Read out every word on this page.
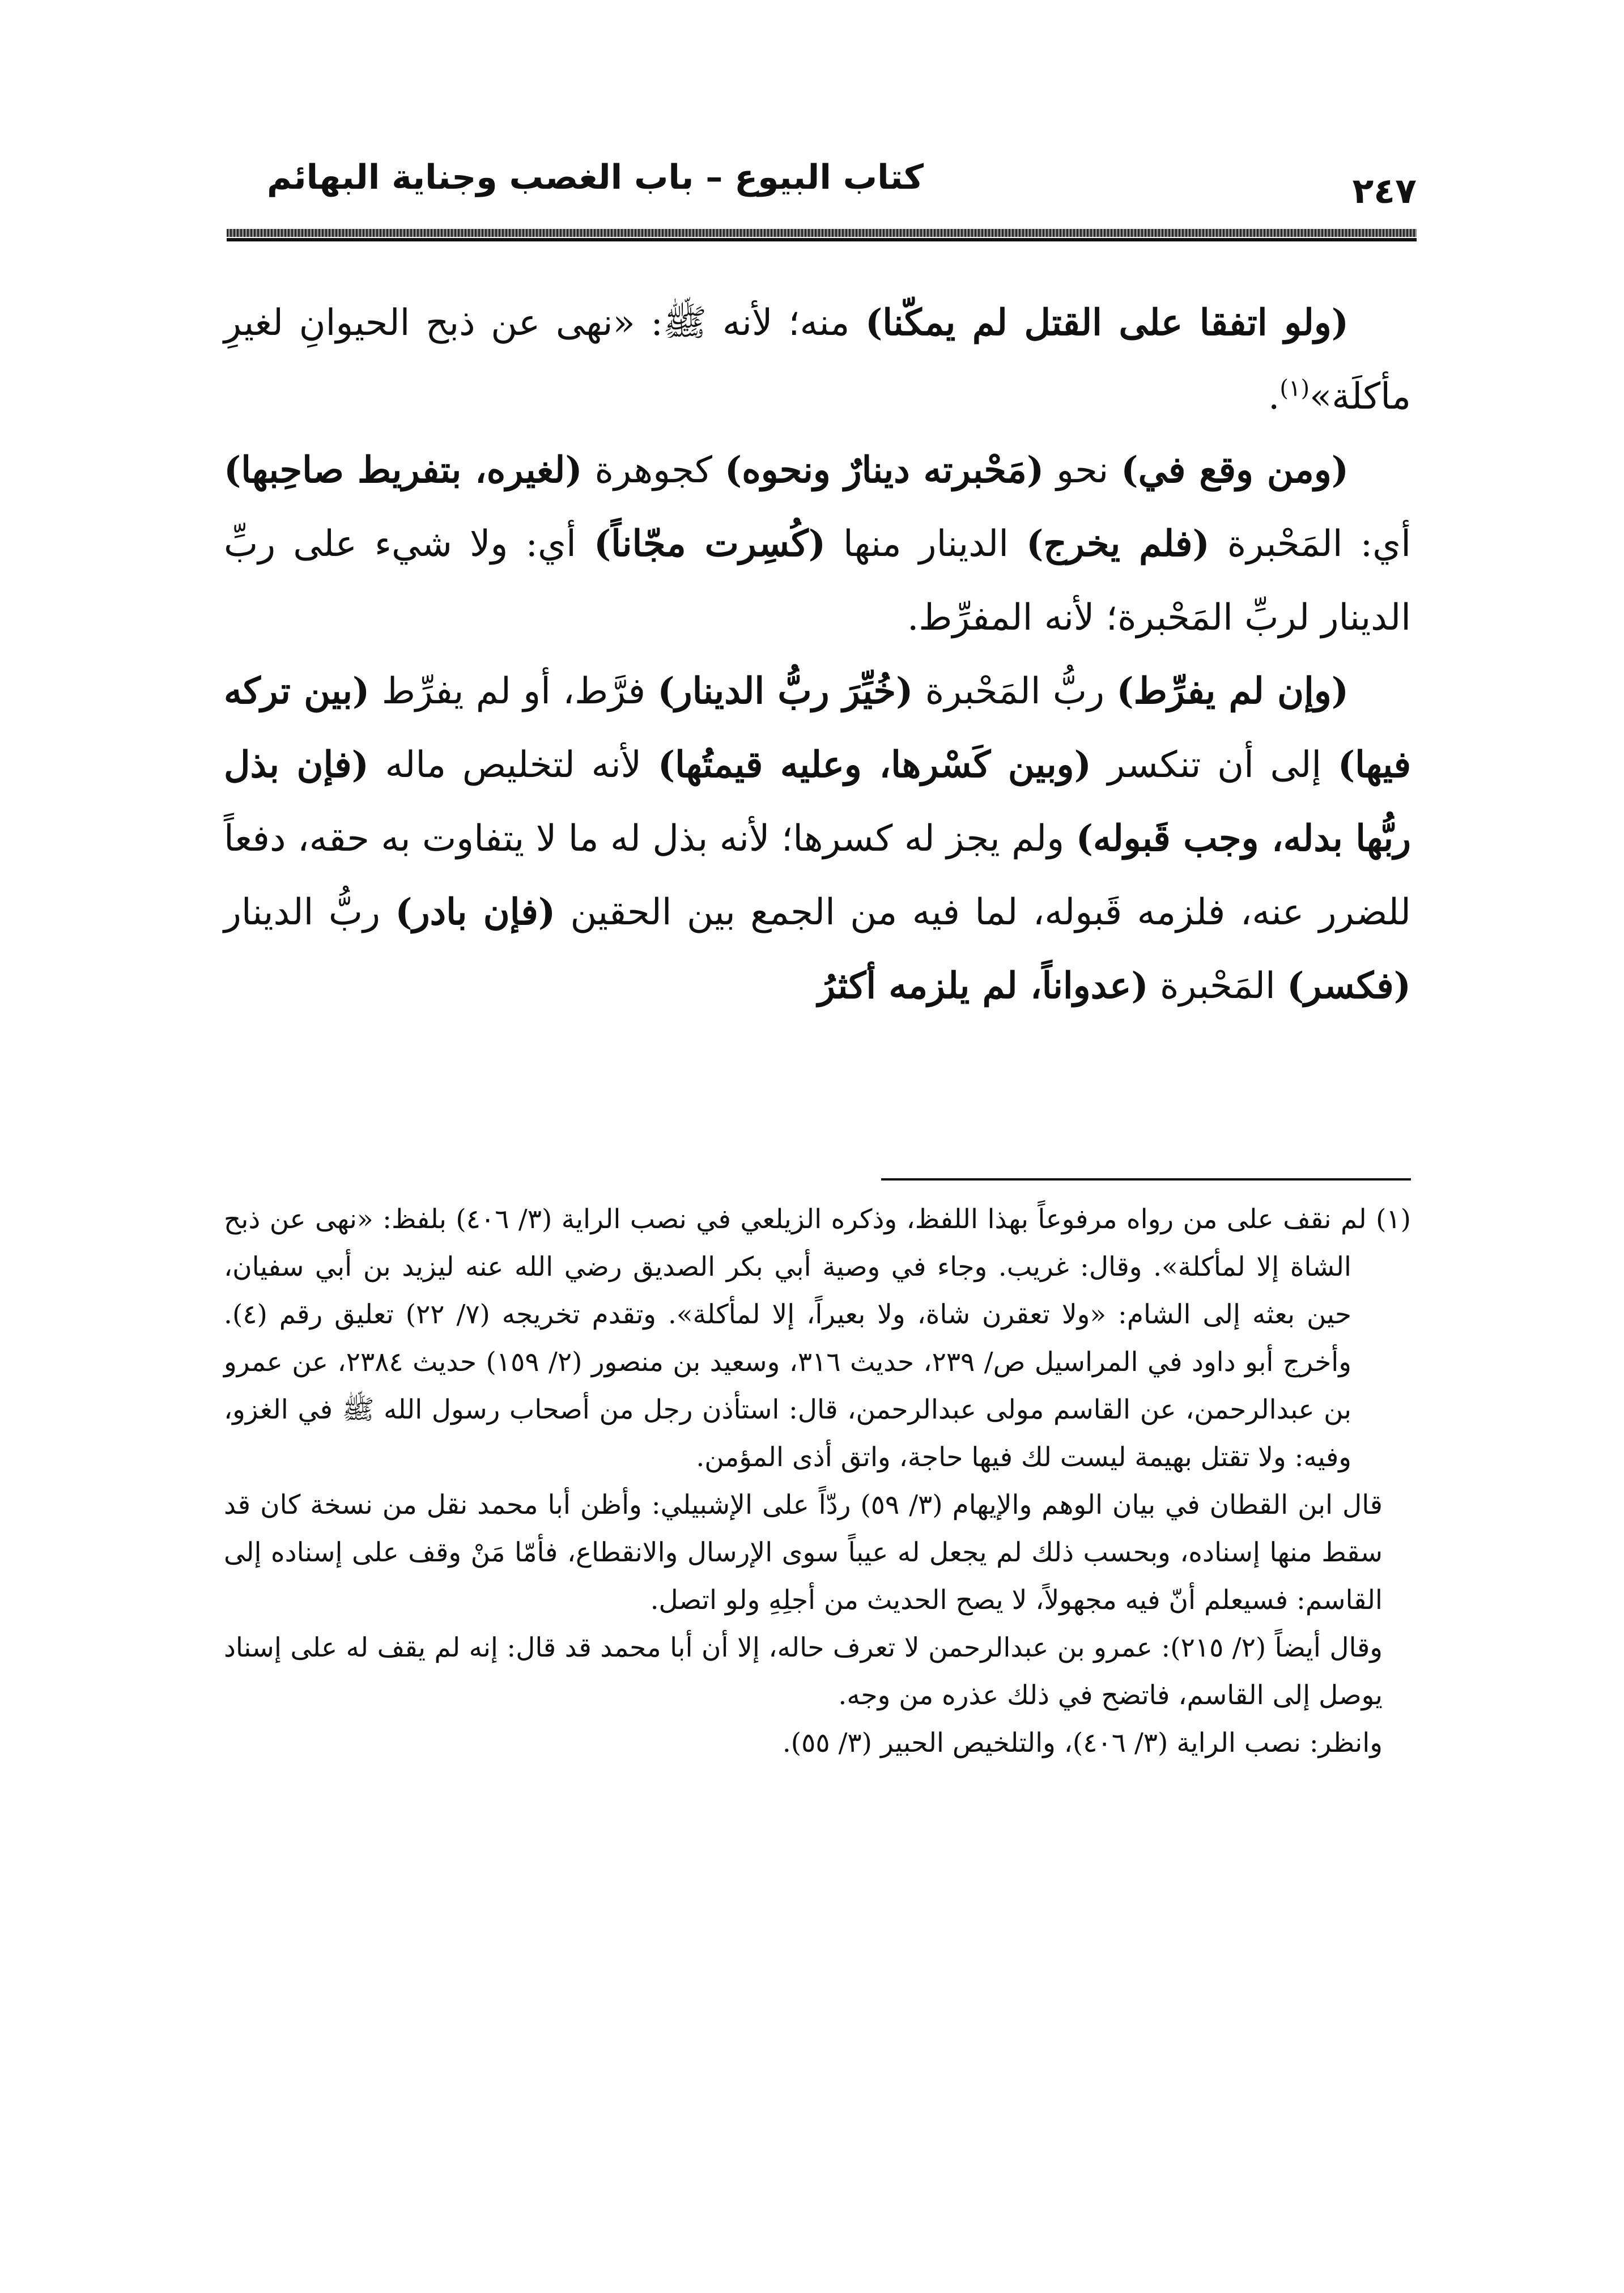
كتاب البيوع – باب الغصب وجناية البهائم	٢٤٧

(ولو اتفقا على القتل لم يمكّنا) منه؛ لأنه ﷺ: «نهى عن ذبح الحيوانِ لغيرِ مأكلَة»$^{(١)}$.

(ومن وقع في) نحو (مَحْبرته دينارٌ ونحوه) كجوهرة (لغيره، بتفريط صاحِبها) أي: المَحْبرة (فلم يخرج) الدينار منها (كُسِرت مجّاناً) أي: ولا شيء على ربِّ الدينار لربِّ المَحْبرة؛ لأنه المفرِّط.

(وإن لم يفرِّط) ربُّ المَحْبرة (خُيِّرَ ربُّ الدينار) فرَّط، أو لم يفرِّط (بين تركه فيها) إلى أن تنكسر (وبين كَسْرها، وعليه قيمتُها) لأنه لتخليص ماله (فإن بذل ربُّها بدله، وجب قَبوله) ولم يجز له كسرها؛ لأنه بذل له ما لا يتفاوت به حقه، دفعاً للضرر عنه، فلزمه قَبوله، لما فيه من الجمع بين الحقين (فإن بادر) ربُّ الدينار (فكسر) المَحْبرة (عدواناً، لم يلزمه أكثرُ

(١) لم نقف على من رواه مرفوعاً بهذا اللفظ، وذكره الزيلعي في نصب الراية (٣/ ٤٠٦) بلفظ: «نهى عن ذبح الشاة إلا لمأكلة». وقال: غريب. وجاء في وصية أبي بكر الصديق رضي الله عنه ليزيد بن أبي سفيان، حين بعثه إلى الشام: «ولا تعقرن شاة، ولا بعيراً، إلا لمأكلة». وتقدم تخريجه (٧/ ٢٢) تعليق رقم (٤). وأخرج أبو داود في المراسيل ص/ ٢٣٩، حديث ٣١٦، وسعيد بن منصور (٢/ ١٥٩) حديث ٢٣٨٤، عن عمرو بن عبدالرحمن، عن القاسم مولى عبدالرحمن، قال: استأذن رجل من أصحاب رسول الله ﷺ في الغزو، وفيه: ولا تقتل بهيمة ليست لك فيها حاجة، واتق أذى المؤمن.

قال ابن القطان في بيان الوهم والإيهام (٣/ ٥٩) ردّاً على الإشبيلي: وأظن أبا محمد نقل من نسخة كان قد سقط منها إسناده، وبحسب ذلك لم يجعل له عيباً سوى الإرسال والانقطاع، فأمّا مَنْ وقف على إسناده إلى القاسم: فسيعلم أنّ فيه مجهولاً، لا يصح الحديث من أجلِهِ ولو اتصل.

وقال أيضاً (٢/ ٢١٥): عمرو بن عبدالرحمن لا تعرف حاله، إلا أن أبا محمد قد قال: إنه لم يقف له على إسناد يوصل إلى القاسم، فاتضح في ذلك عذره من وجه.

وانظر: نصب الراية (٣/ ٤٠٦)، والتلخيص الحبير (٣/ ٥٥).
